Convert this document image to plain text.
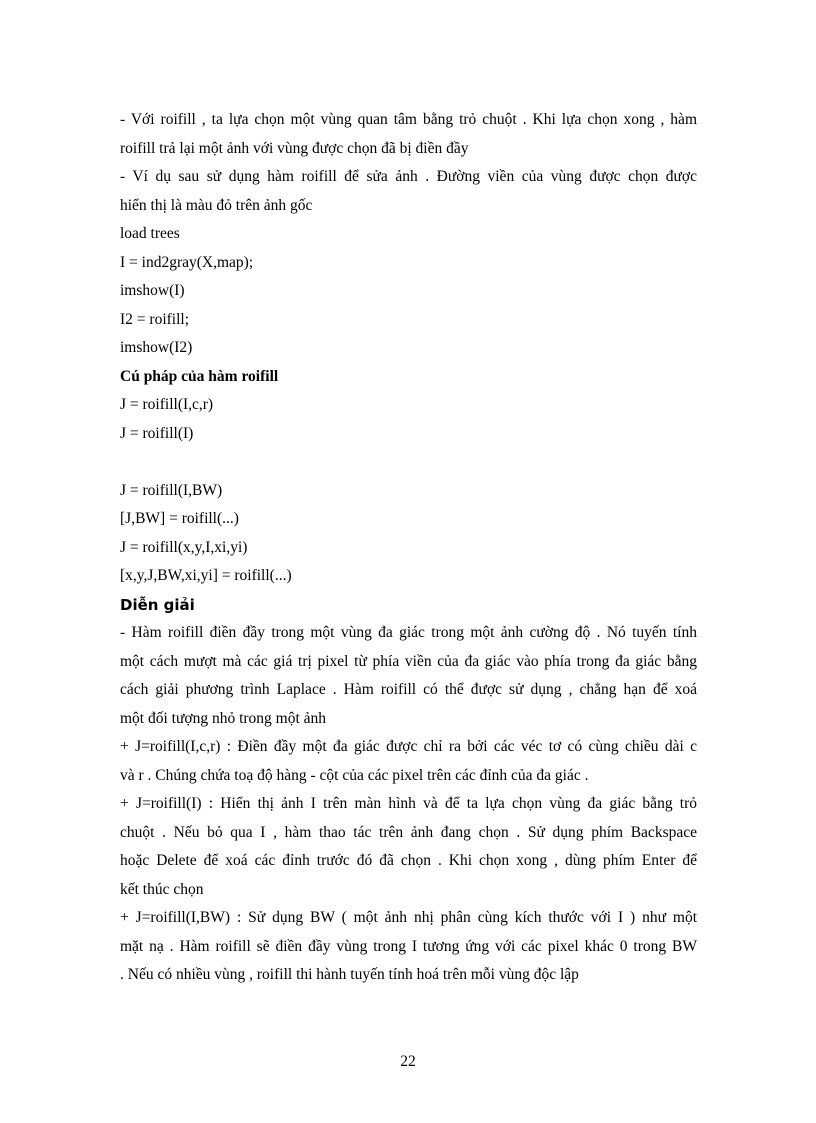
- Với roifill , ta lựa chọn một vùng quan tâm bằng trỏ chuột . Khi lựa chọn xong , hàm
roifill trả lại một ảnh với vùng được chọn đã bị điền đầy
- Ví dụ sau sử dụng hàm roifill để sửa ảnh . Đường viền của vùng được chọn được
hiển thị là màu đỏ trên ảnh gốc
load trees
I = ind2gray(X,map);
imshow(I)
I2 = roifill;
imshow(I2)
Cú pháp của hàm roifill
J = roifill(I,c,r)
J = roifill(I)
J = roifill(I,BW)
[J,BW] = roifill(...)
J = roifill(x,y,I,xi,yi)
[x,y,J,BW,xi,yi] = roifill(...)
Diễn giải
- Hàm roifill điền đầy trong một vùng đa giác trong một ảnh cường độ . Nó tuyến tính
một cách mượt mà các giá trị pixel từ phía viền của đa giác vào phía trong đa giác bằng
cách giải phương trình Laplace . Hàm roifill có thể được sử dụng , chẳng hạn để xoá
một đối tượng nhỏ trong một ảnh
+ J=roifill(I,c,r) : Điền đầy một đa giác được chỉ ra bởi các véc tơ có cùng chiều dài c
và r . Chúng chứa toạ độ hàng - cột của các pixel trên các đỉnh của đa giác .
+ J=roifill(I) : Hiển thị ảnh I trên màn hình và để ta lựa chọn vùng đa giác bằng trỏ
chuột . Nếu bỏ qua I , hàm thao tác trên ảnh đang chọn . Sử dụng phím Backspace
hoặc Delete để xoá các đỉnh trước đó đã chọn . Khi chọn xong , dùng phím Enter để
kết thúc chọn
+ J=roifill(I,BW) : Sử dụng BW ( một ảnh nhị phân cùng kích thước với I ) như một
mặt nạ . Hàm roifill sẽ điền đầy vùng trong I tương ứng với các pixel khác 0 trong BW
. Nếu có nhiều vùng , roifill thi hành tuyến tính hoá trên mỗi vùng độc lập
22
